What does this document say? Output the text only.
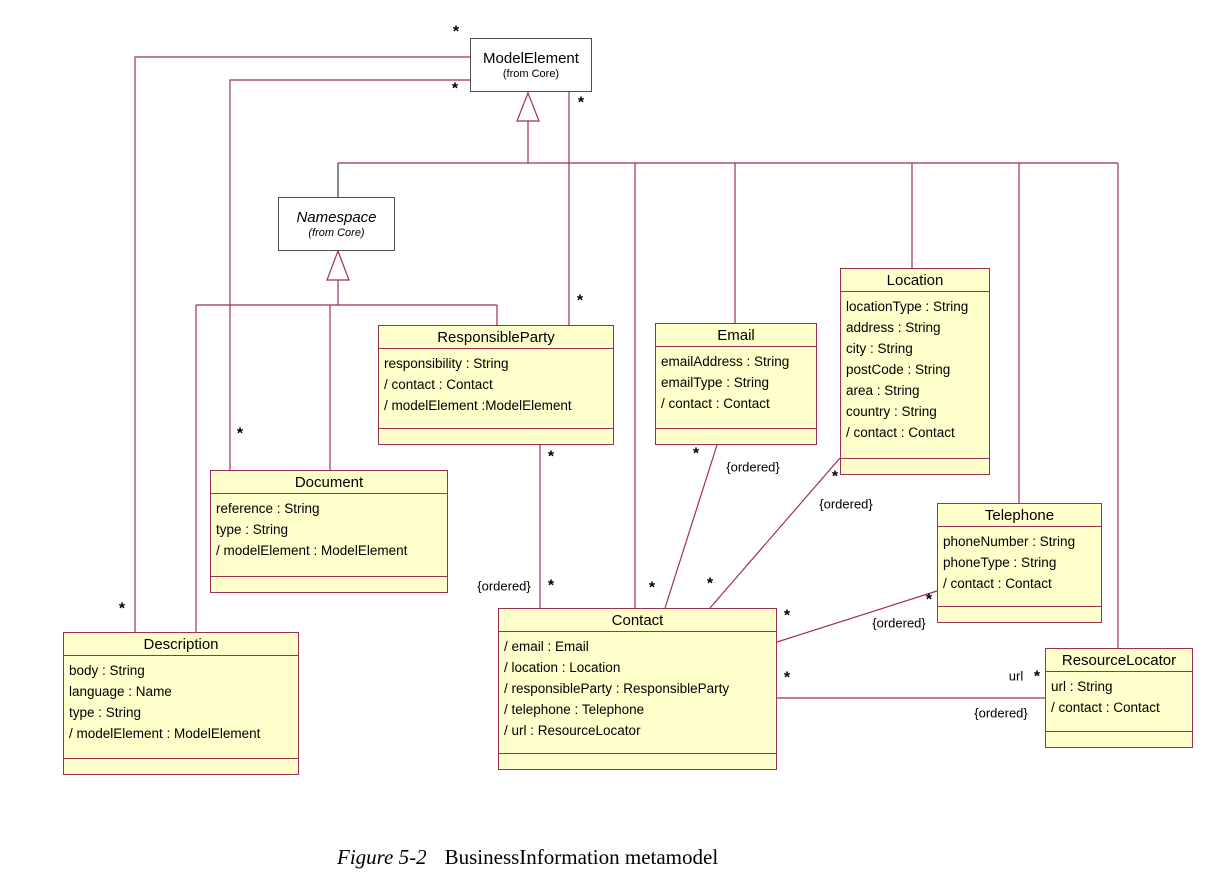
ModelElement
(from Core)
Namespace
(from Core)
ResponsibleParty
responsibility : String
/ contact : Contact
/ modelElement :ModelElement
Email
emailAddress : String
emailType : String
/ contact : Contact
Location
locationType : String
address : String
city : String
postCode : String
area : String
country : String
/ contact : Contact
Document
reference : String
type : String
/ modelElement : ModelElement
Description
body : String
language : Name
type : String
/ modelElement : ModelElement
Contact
/ email : Email
/ location : Location
/ responsibleParty : ResponsibleParty
/ telephone : Telephone
/ url : ResourceLocator
Telephone
phoneNumber : String
phoneType : String
/ contact : Contact
ResourceLocator
url : String
/ contact : Contact
*
*
*
*
*
*
*
*
{ordered}
*
{ordered}
*
*
{ordered}
*
*	{ordered}
*
*	url *
{ordered}
Figure 5-2 BusinessInformation metamodel
